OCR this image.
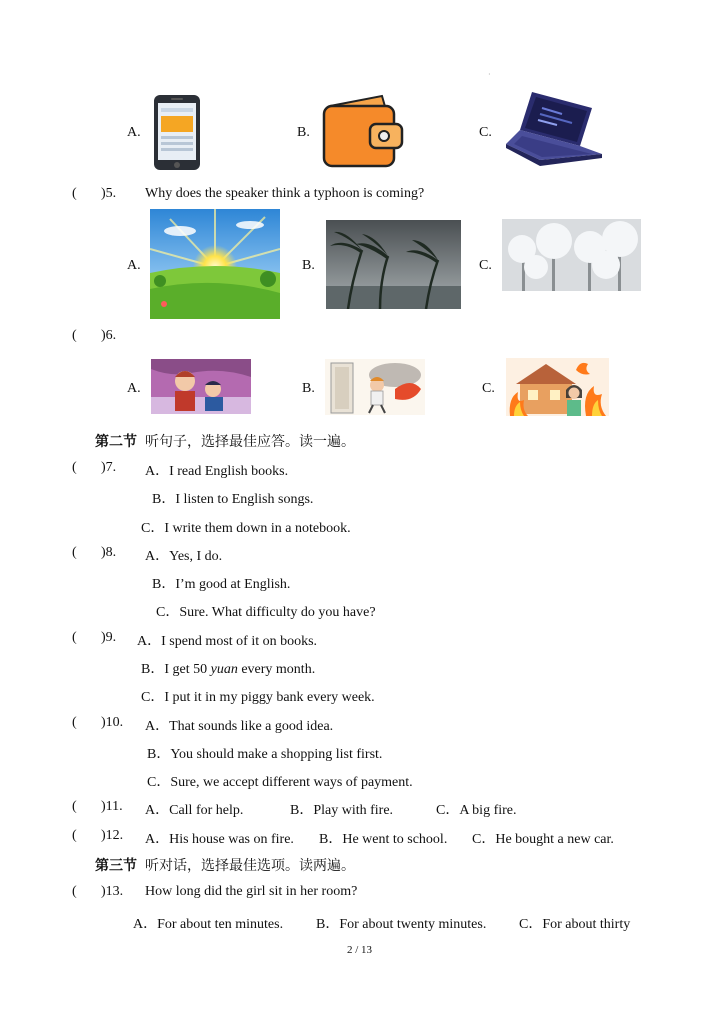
·
A.	B.	C.
( )5. Why does the speaker think a typhoon is coming?
A.	B.	C.
( )6.
A.	B.	C.
第二节 听句子，选择最佳应答。读一遍。
( )7. A．I read English books.
B．I listen to English songs.
C．I write them down in a notebook.
( )8. A．Yes, I do.
B．I’m good at English.
C．Sure. What difficulty do you have?
( )9. A．I spend most of it on books.
B．I get 50 yuan every month.
C．I put it in my piggy bank every week.
( )10. A．That sounds like a good idea.
B．You should make a shopping list first.
C．Sure, we accept different ways of payment.
( )11. A．Call for help.	B．Play with fire.	C．A big fire.
( )12. A．His house was on fire. B．He went to school. C．He bought a new car.
第三节 听对话，选择最佳选项。读两遍。
( )13. How long did the girl sit in her room?
A．For about ten minutes. B．For about twenty minutes. C．For about thirty
2 / 13
